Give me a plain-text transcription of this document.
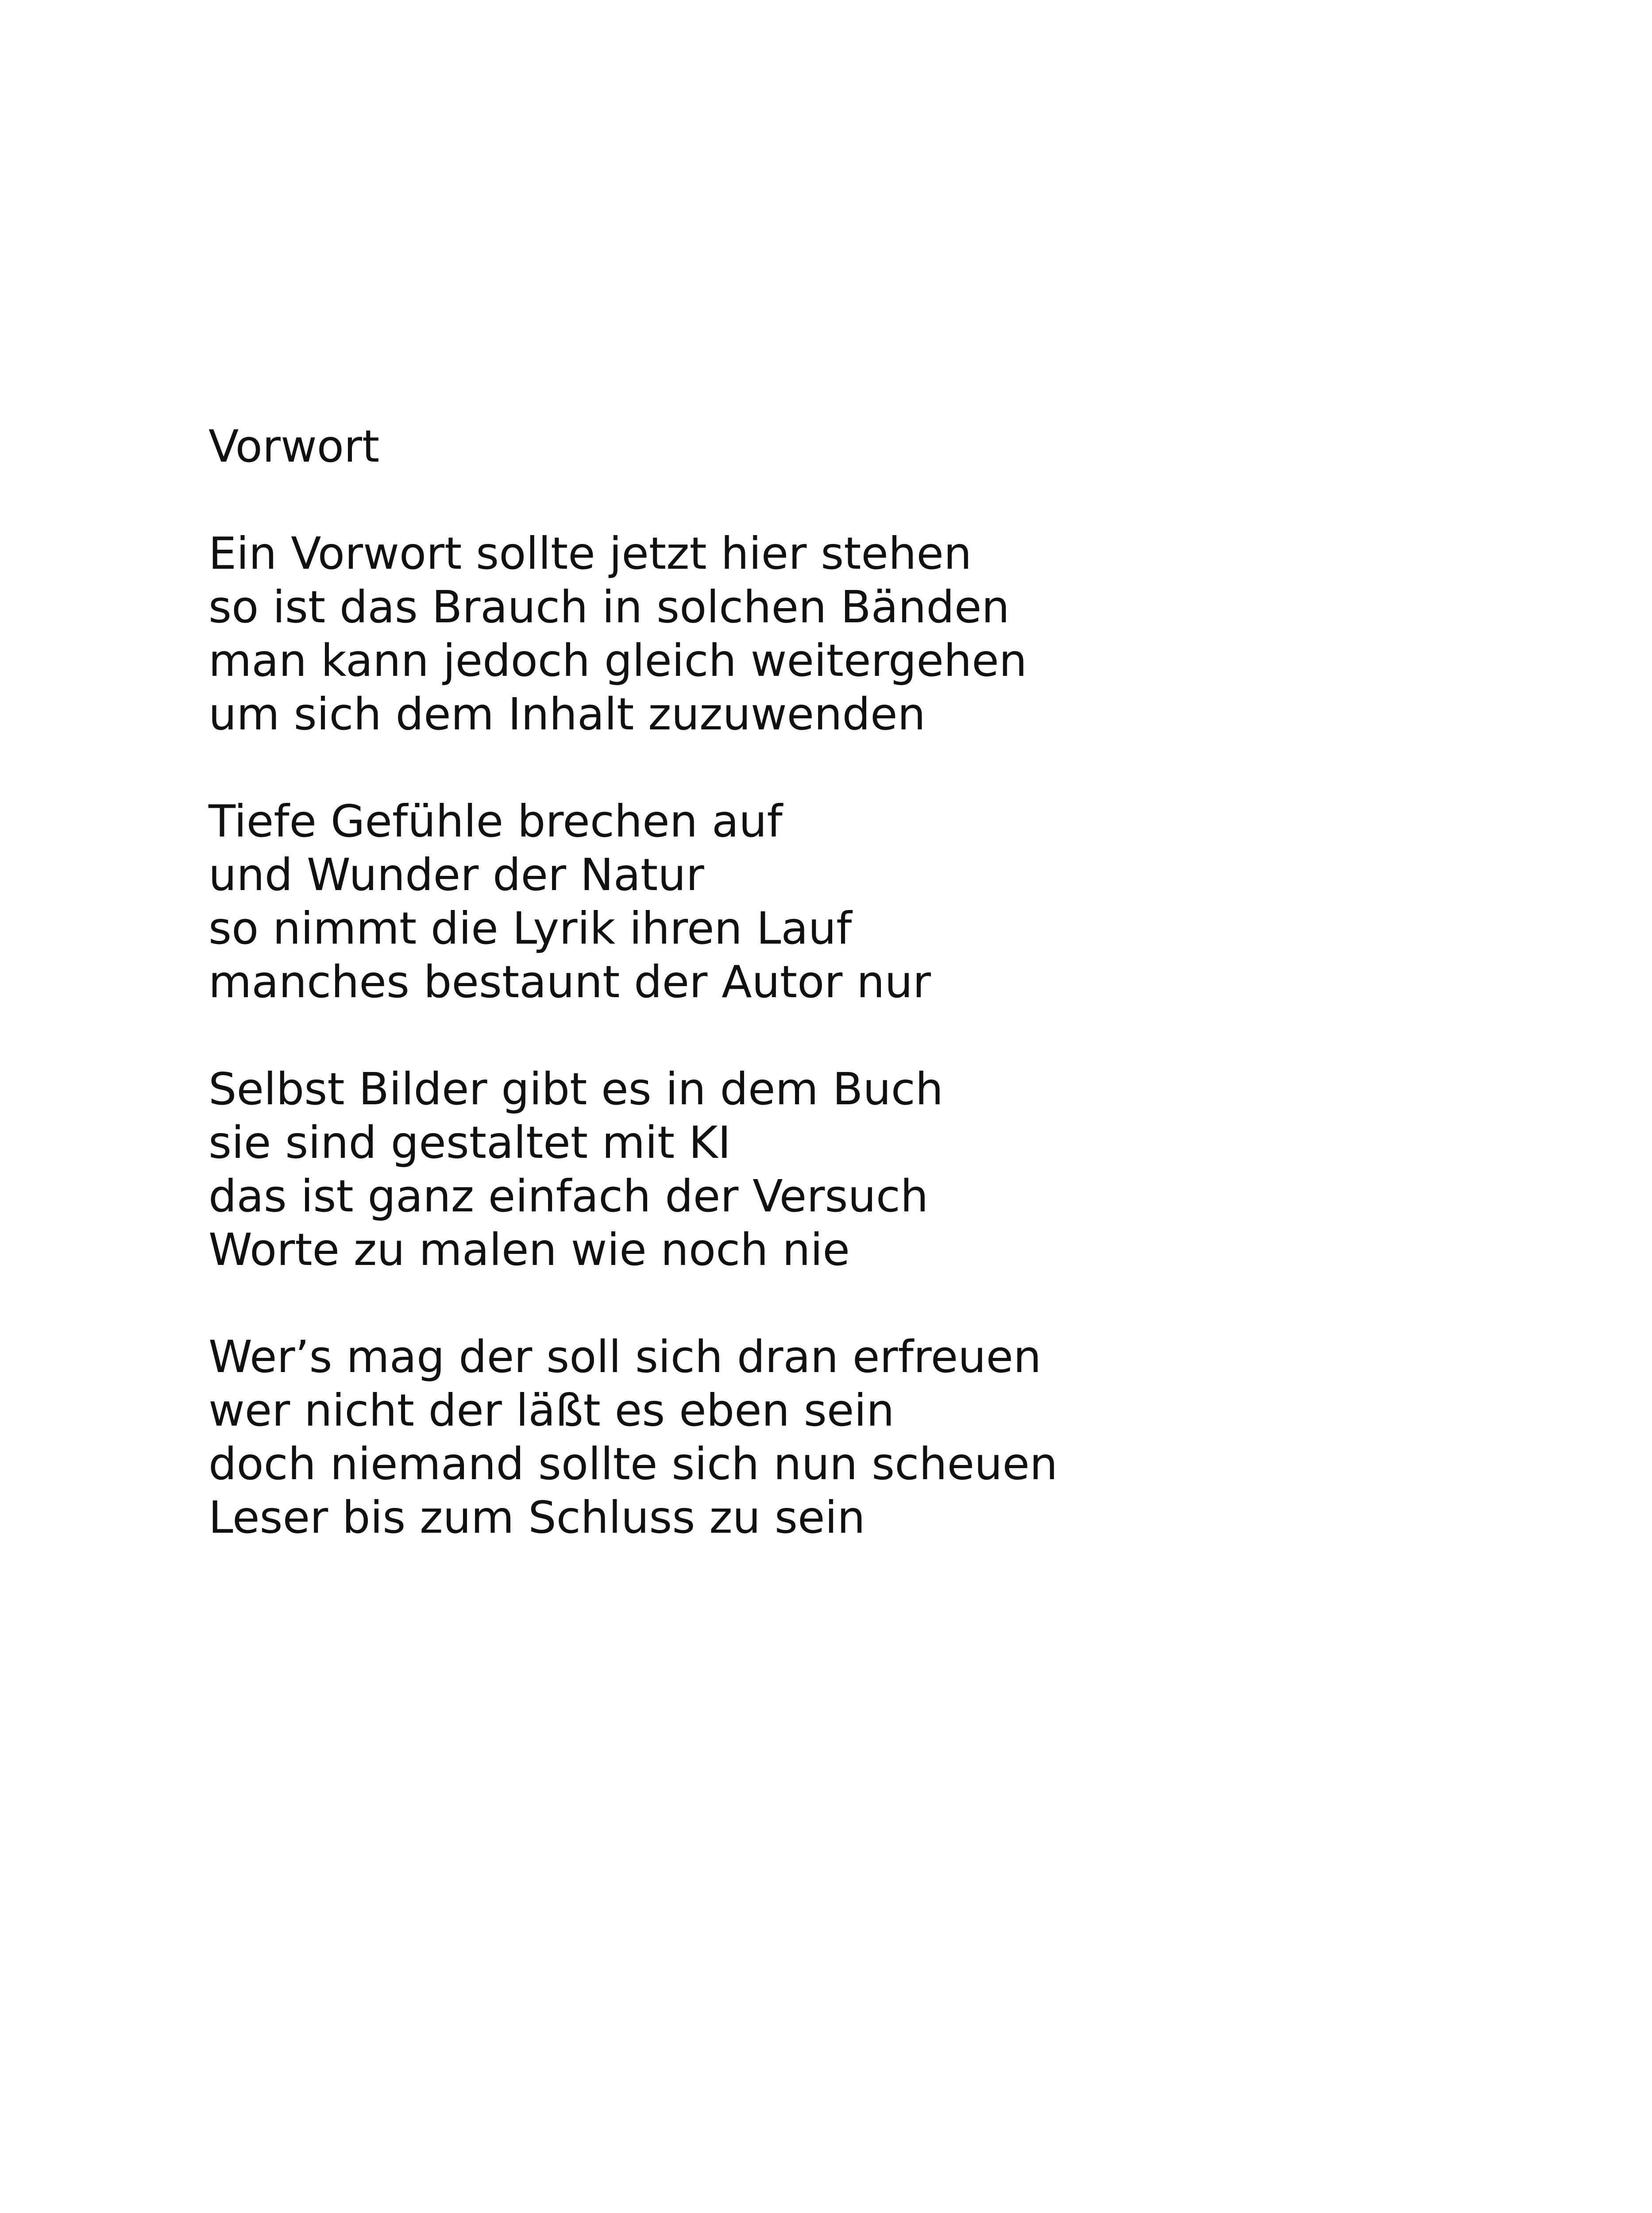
Vorwort
Ein Vorwort sollte jetzt hier stehen
so ist das Brauch in solchen Bänden
man kann jedoch gleich weitergehen
um sich dem Inhalt zuzuwenden
Tiefe Gefühle brechen auf
und Wunder der Natur
so nimmt die Lyrik ihren Lauf
manches bestaunt der Autor nur
Selbst Bilder gibt es in dem Buch
sie sind gestaltet mit KI
das ist ganz einfach der Versuch
Worte zu malen wie noch nie
Wer’s mag der soll sich dran erfreuen
wer nicht der läßt es eben sein
doch niemand sollte sich nun scheuen
Leser bis zum Schluss zu sein
